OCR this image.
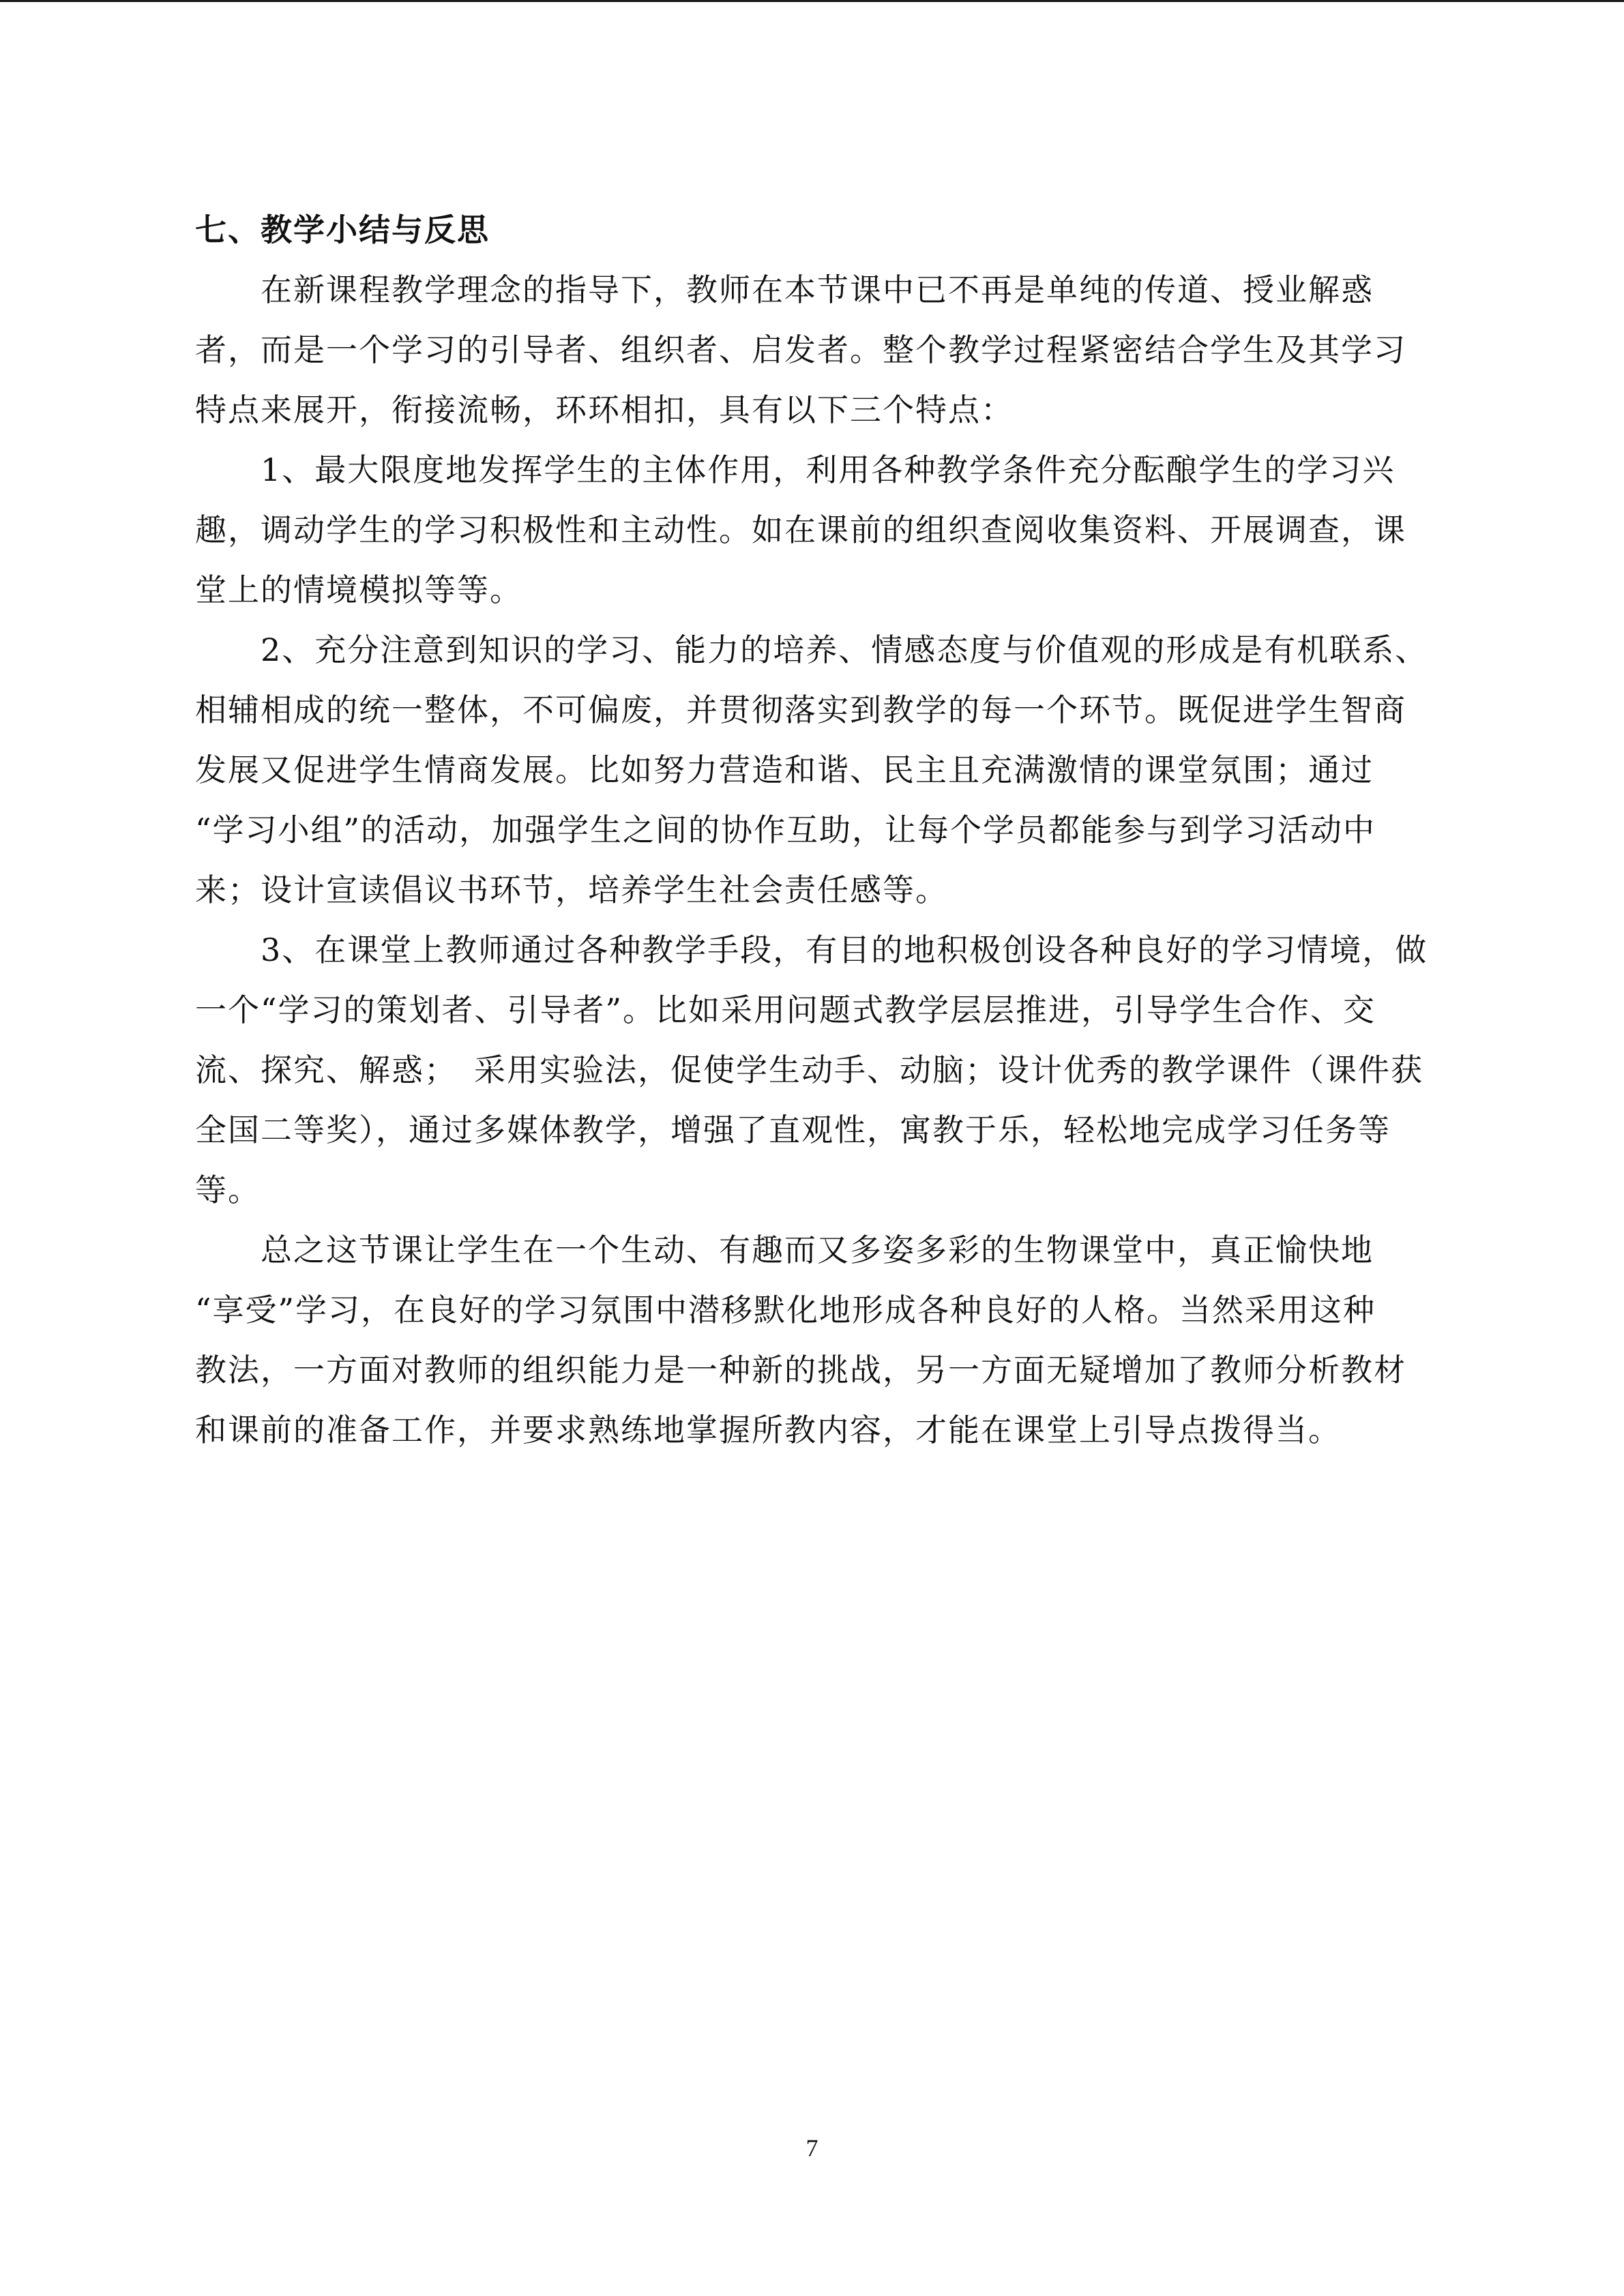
七、教学小结与反思
在新课程教学理念的指导下，教师在本节课中已不再是单纯的传道、授业解惑
者，而是一个学习的引导者、组织者、启发者。整个教学过程紧密结合学生及其学习
特点来展开，衔接流畅，环环相扣，具有以下三个特点：
1、最大限度地发挥学生的主体作用，利用各种教学条件充分酝酿学生的学习兴
趣，调动学生的学习积极性和主动性。如在课前的组织查阅收集资料、开展调查，课
堂上的情境模拟等等。
2、充分注意到知识的学习、能力的培养、情感态度与价值观的形成是有机联系、
相辅相成的统一整体，不可偏废，并贯彻落实到教学的每一个环节。既促进学生智商
发展又促进学生情商发展。比如努力营造和谐、民主且充满激情的课堂氛围；通过
“学习小组”的活动，加强学生之间的协作互助，让每个学员都能参与到学习活动中
来；设计宣读倡议书环节，培养学生社会责任感等。
3、在课堂上教师通过各种教学手段，有目的地积极创设各种良好的学习情境，做
一个“学习的策划者、引导者”。比如采用问题式教学层层推进，引导学生合作、交
流、探究、解惑；　采用实验法，促使学生动手、动脑；设计优秀的教学课件（课件获
全国二等奖），通过多媒体教学，增强了直观性，寓教于乐，轻松地完成学习任务等
等。
总之这节课让学生在一个生动、有趣而又多姿多彩的生物课堂中，真正愉快地
“享受”学习，在良好的学习氛围中潜移默化地形成各种良好的人格。当然采用这种
教法，一方面对教师的组织能力是一种新的挑战，另一方面无疑增加了教师分析教材
和课前的准备工作，并要求熟练地掌握所教内容，才能在课堂上引导点拨得当。
7
